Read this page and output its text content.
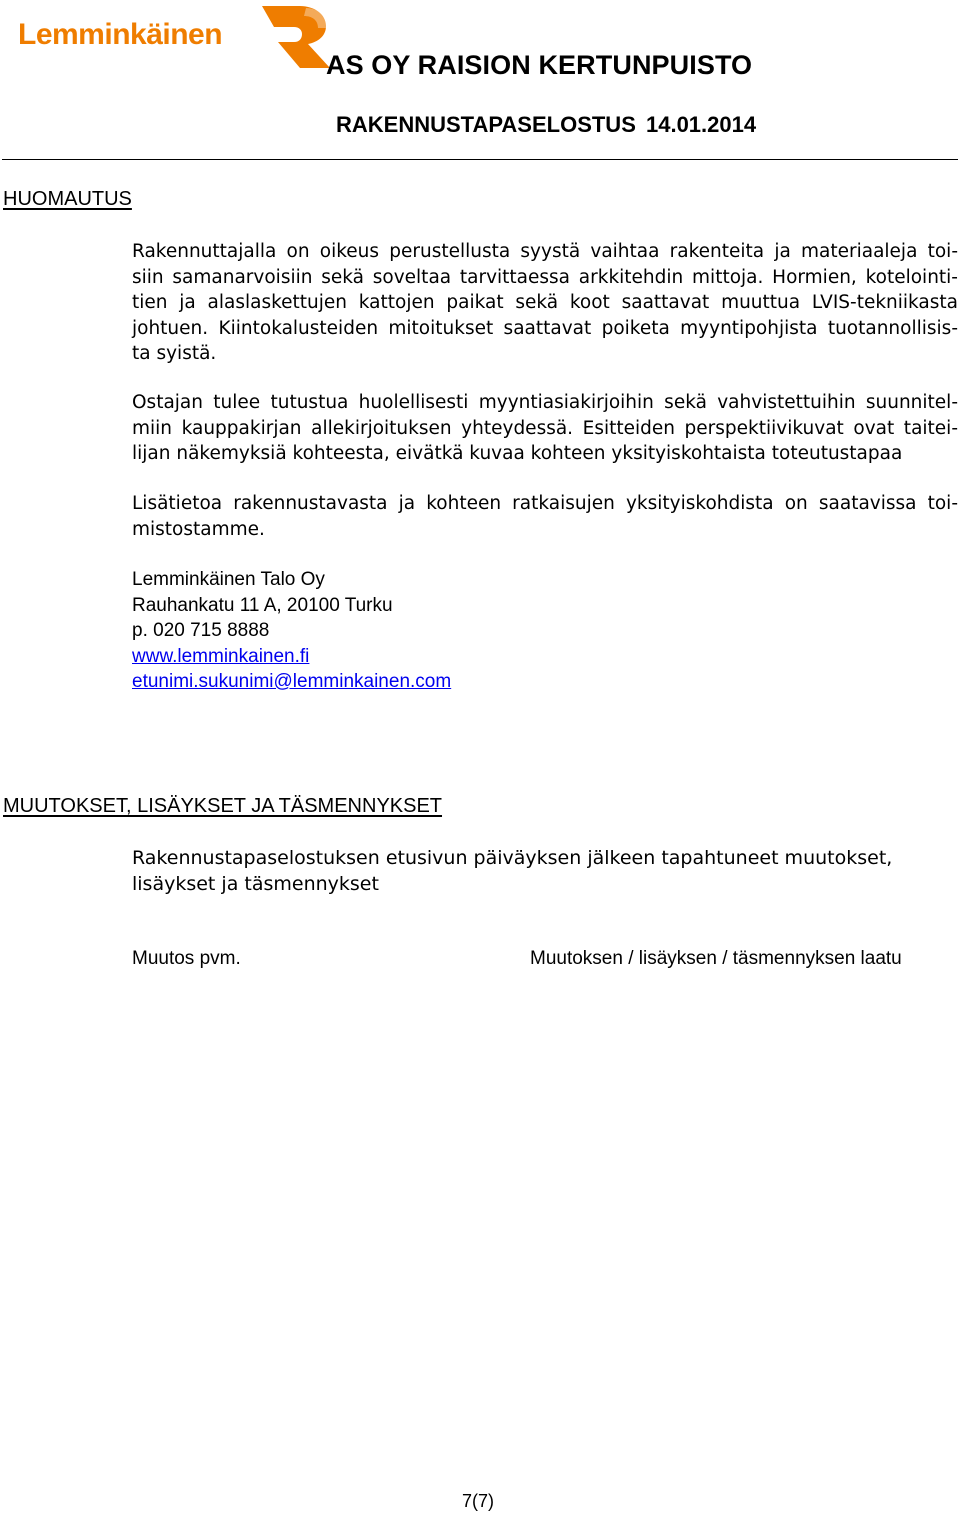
Lemminkäinen
AS OY RAISION KERTUNPUISTO
RAKENNUSTAPASELOSTUS 14.01.2014
HUOMAUTUS
Rakennuttajalla on oikeus perustellusta syystä vaihtaa rakenteita ja materiaaleja toi-
siin samanarvoisiin sekä soveltaa tarvittaessa arkkitehdin mittoja. Hormien, kotelointi-
tien ja alaslaskettujen kattojen paikat sekä koot saattavat muuttua LVIS-tekniikasta
johtuen. Kiintokalusteiden mitoitukset saattavat poiketa myyntipohjista tuotannollisis-
ta syistä.
Ostajan tulee tutustua huolellisesti myyntiasiakirjoihin sekä vahvistettuihin suunnitel-
miin kauppakirjan allekirjoituksen yhteydessä. Esitteiden perspektiivikuvat ovat taitei-
lijan näkemyksiä kohteesta, eivätkä kuvaa kohteen yksityiskohtaista toteutustapaa
Lisätietoa rakennustavasta ja kohteen ratkaisujen yksityiskohdista on saatavissa toi-
mistostamme.
Lemminkäinen Talo Oy
Rauhankatu 11 A, 20100 Turku
p. 020 715 8888
www.lemminkainen.fi
etunimi.sukunimi@lemminkainen.com
MUUTOKSET, LISÄYKSET JA TÄSMENNYKSET
Rakennustapaselostuksen etusivun päiväyksen jälkeen tapahtuneet muutokset,
lisäykset ja täsmennykset
Muutos pvm.	Muutoksen / lisäyksen / täsmennyksen laatu
7(7)
